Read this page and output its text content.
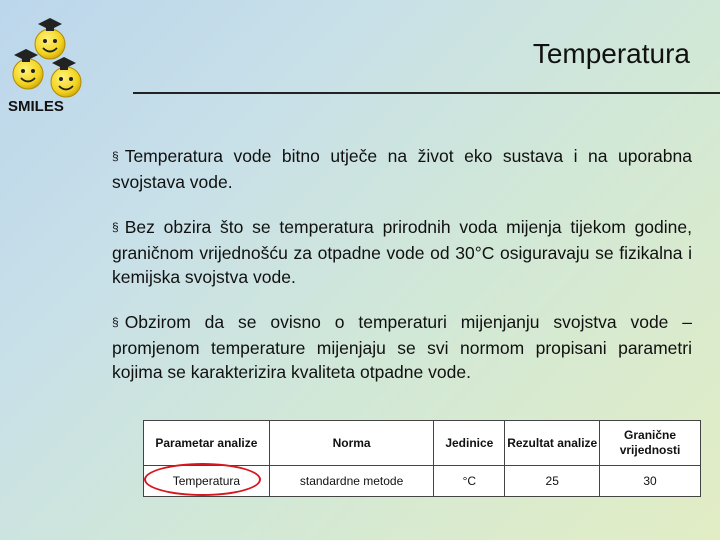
SMILES
Temperatura

§ Temperatura vode bitno utječe na život eko sustava i na uporabna svojstava vode.

§ Bez obzira što se temperatura prirodnih voda mijenja tijekom godine, graničnom vrijednošću za otpadne vode od 30°C osiguravaju se fizikalna i kemijska svojstva vode.

§ Obzirom da se ovisno o temperaturi mijenjanju svojstva vode – promjenom temperature mijenjaju se svi normom propisani parametri kojima se karakterizira kvaliteta otpadne vode.

Parametar analize	Norma	Jedinice	Rezultat analize	Granične vrijednosti
Temperatura	standardne metode	°C	25	30
